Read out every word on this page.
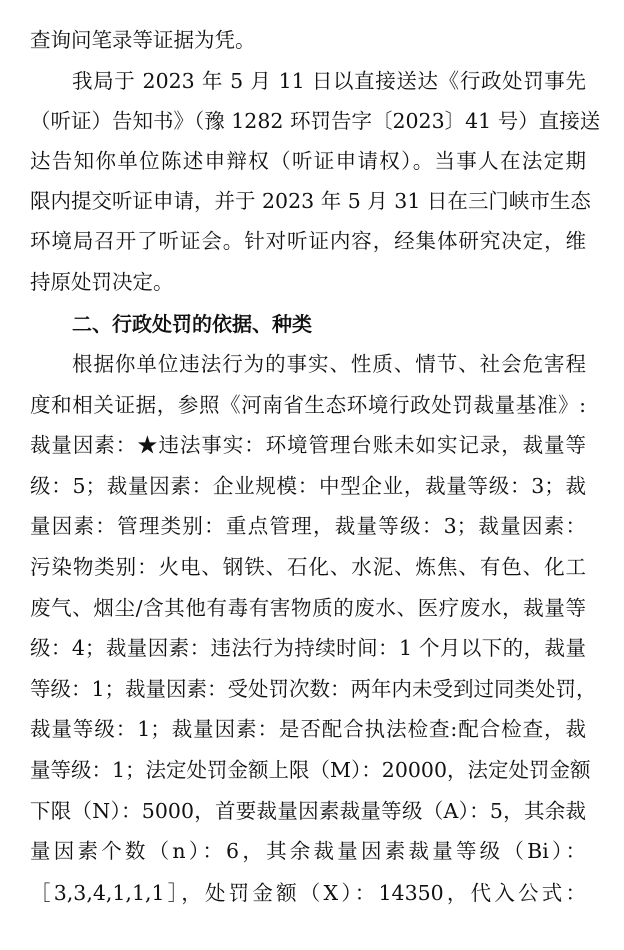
查询问笔录等证据为凭。
我局于 2023 年 5 月 11 日以直接送达《行政处罚事先
（听证）告知书》（豫 1282 环罚告字〔2023〕41 号）直接送
达告知你单位陈述申辩权（听证申请权）。当事人在法定期
限内提交听证申请，并于 2023 年 5 月 31 日在三门峡市生态
环境局召开了听证会。针对听证内容，经集体研究决定，维
持原处罚决定。
二、行政处罚的依据、种类
根据你单位违法行为的事实、性质、情节、社会危害程
度和相关证据，参照《河南省生态环境行政处罚裁量基准》:
裁量因素：★违法事实：环境管理台账未如实记录，裁量等
级：5；裁量因素：企业规模：中型企业，裁量等级：3；裁
量因素：管理类别：重点管理，裁量等级：3；裁量因素：
污染物类别：火电、钢铁、石化、水泥、炼焦、有色、化工
废气、烟尘/含其他有毒有害物质的废水、医疗废水，裁量等
级：4；裁量因素：违法行为持续时间：1 个月以下的，裁量
等级：1；裁量因素：受处罚次数：两年内未受到过同类处罚，
裁量等级：1；裁量因素：是否配合执法检查:配合检查，裁
量等级：1；法定处罚金额上限（M）：20000，法定处罚金额
下限（N）：5000，首要裁量因素裁量等级（A）：5，其余裁
量因素个数（n）：6，其余裁量因素裁量等级（Bi）：
［3,3,4,1,1,1］，处罚金额（X）：14350，代入公式：
